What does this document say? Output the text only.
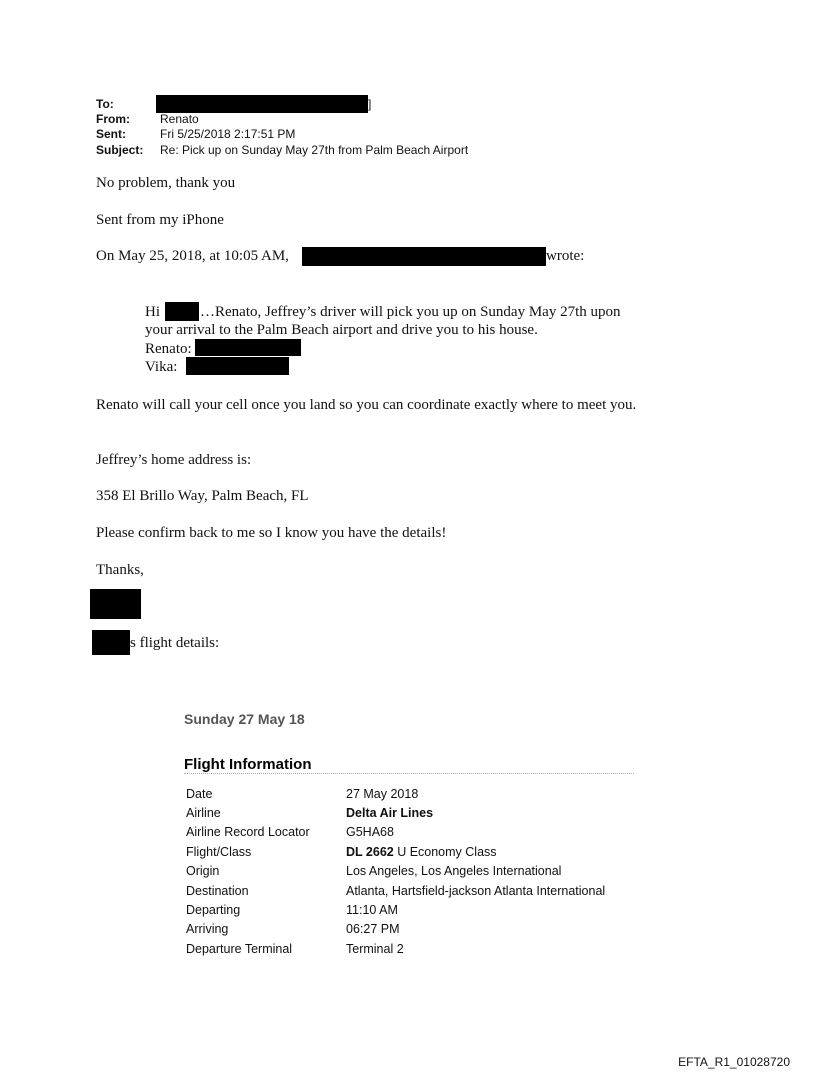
To:	]
From:	Renato
Sent:	Fri 5/25/2018 2:17:51 PM
Subject: Re: Pick up on Sunday May 27th from Palm Beach Airport
No problem, thank you
Sent from my iPhone
On May 25, 2018, at 10:05 AM,	wrote:
Hi	…Renato, Jeffrey’s driver will pick you up on Sunday May 27th upon
your arrival to the Palm Beach airport and drive you to his house.
Renato:
Vika:
Renato will call your cell once you land so you can coordinate exactly where to meet you.
Jeffrey’s home address is:
358 El Brillo Way, Palm Beach, FL
Please confirm back to me so I know you have the details!
Thanks,
s flight details:
Sunday 27 May 18
Flight Information
Date	27 May 2018
Airline	Delta Air Lines
Airline Record Locator	G5HA68
Flight/Class	DL 2662 U Economy Class
Origin	Los Angeles, Los Angeles International
Destination	Atlanta, Hartsfield-jackson Atlanta International
Departing	11:10 AM
Arriving	06:27 PM
Departure Terminal	Terminal 2
EFTA_R1_01028720
